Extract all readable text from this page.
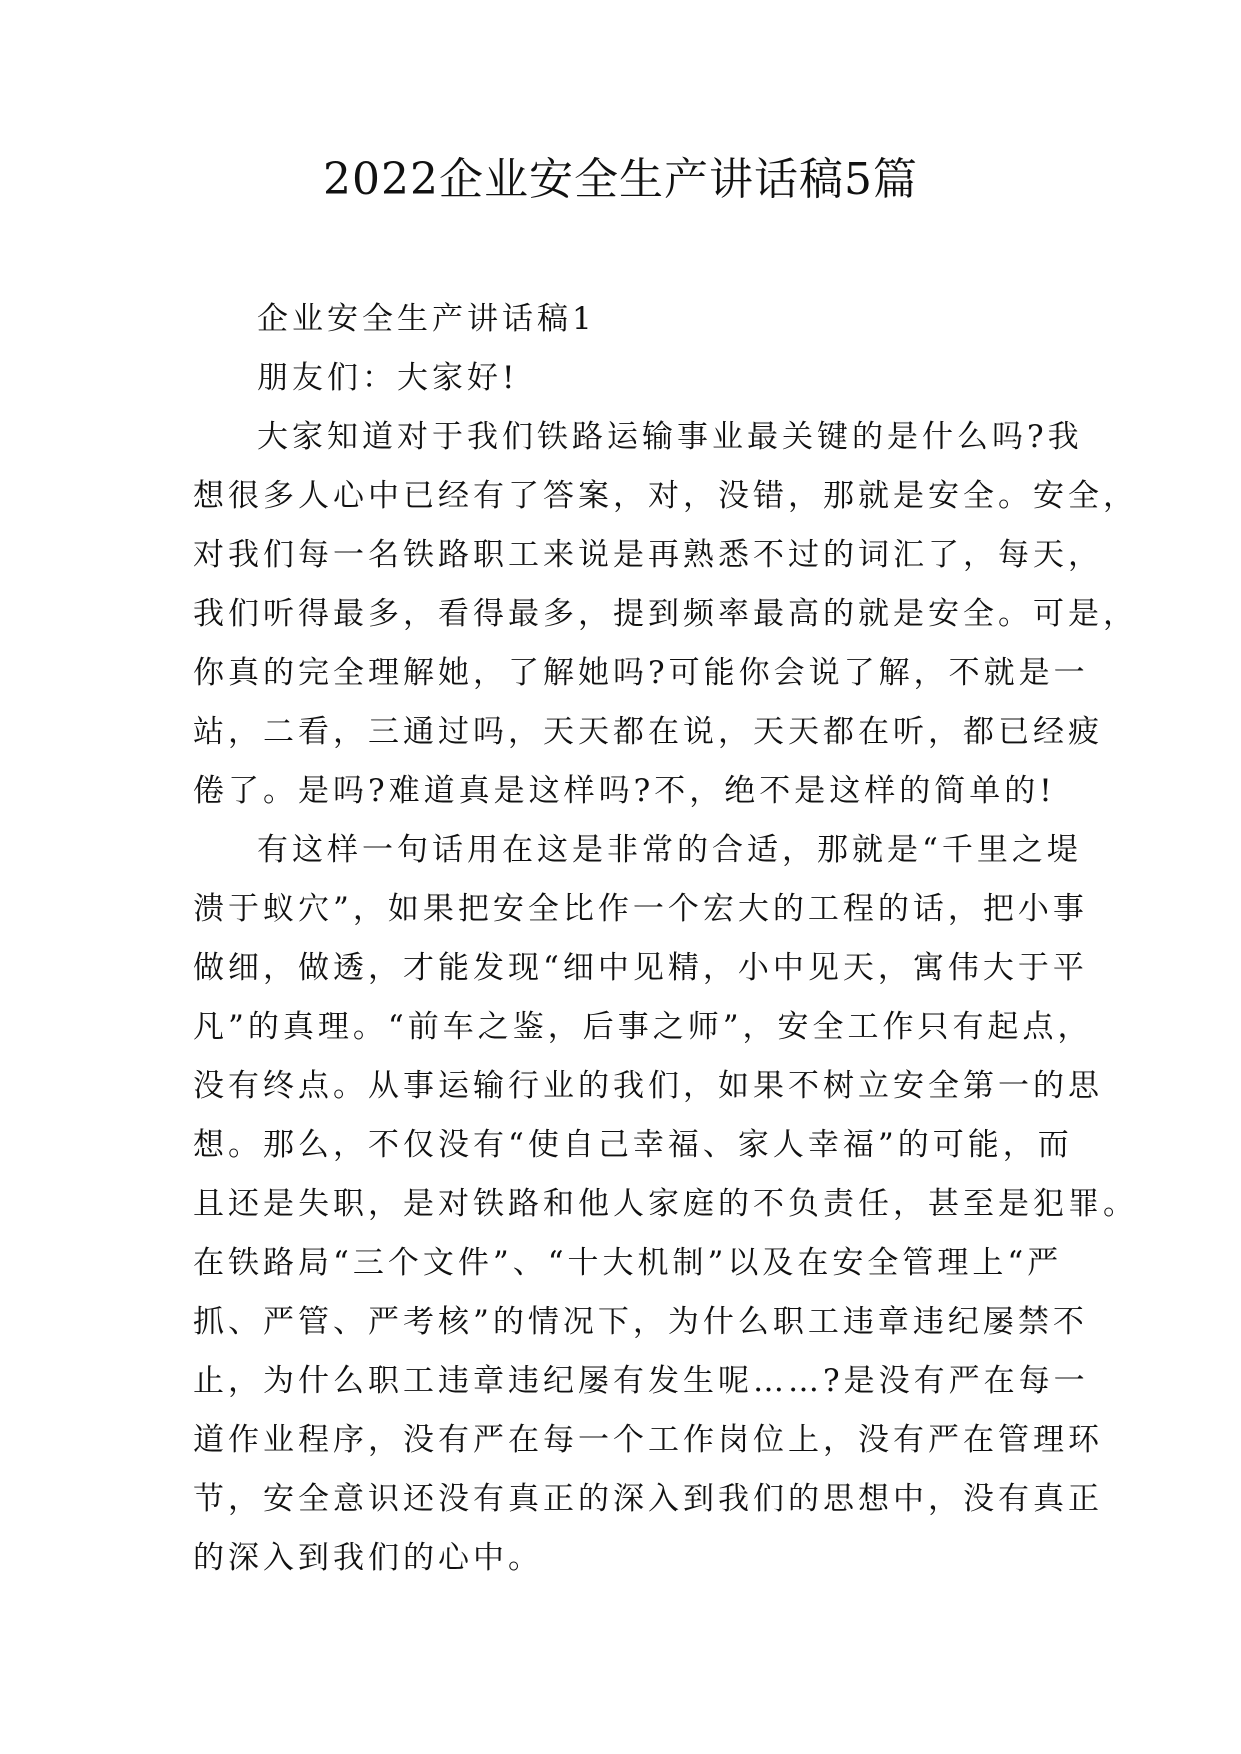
2022企业安全生产讲话稿5篇
企业安全生产讲话稿1
朋友们：大家好!
大家知道对于我们铁路运输事业最关键的是什么吗?我
想很多人心中已经有了答案，对，没错，那就是安全。安全，
对我们每一名铁路职工来说是再熟悉不过的词汇了，每天，
我们听得最多，看得最多，提到频率最高的就是安全。可是，
你真的完全理解她，了解她吗?可能你会说了解，不就是一
站，二看，三通过吗，天天都在说，天天都在听，都已经疲
倦了。是吗?难道真是这样吗?不，绝不是这样的简单的!
有这样一句话用在这是非常的合适，那就是“千里之堤
溃于蚁穴”，如果把安全比作一个宏大的工程的话，把小事
做细，做透，才能发现“细中见精，小中见天，寓伟大于平
凡”的真理。“前车之鉴，后事之师”，安全工作只有起点，
没有终点。从事运输行业的我们，如果不树立安全第一的思
想。那么，不仅没有“使自己幸福、家人幸福”的可能，而
且还是失职，是对铁路和他人家庭的不负责任，甚至是犯罪。
在铁路局“三个文件”、“十大机制”以及在安全管理上“严
抓、严管、严考核”的情况下，为什么职工违章违纪屡禁不
止，为什么职工违章违纪屡有发生呢……?是没有严在每一
道作业程序，没有严在每一个工作岗位上，没有严在管理环
节，安全意识还没有真正的深入到我们的思想中，没有真正
的深入到我们的心中。
